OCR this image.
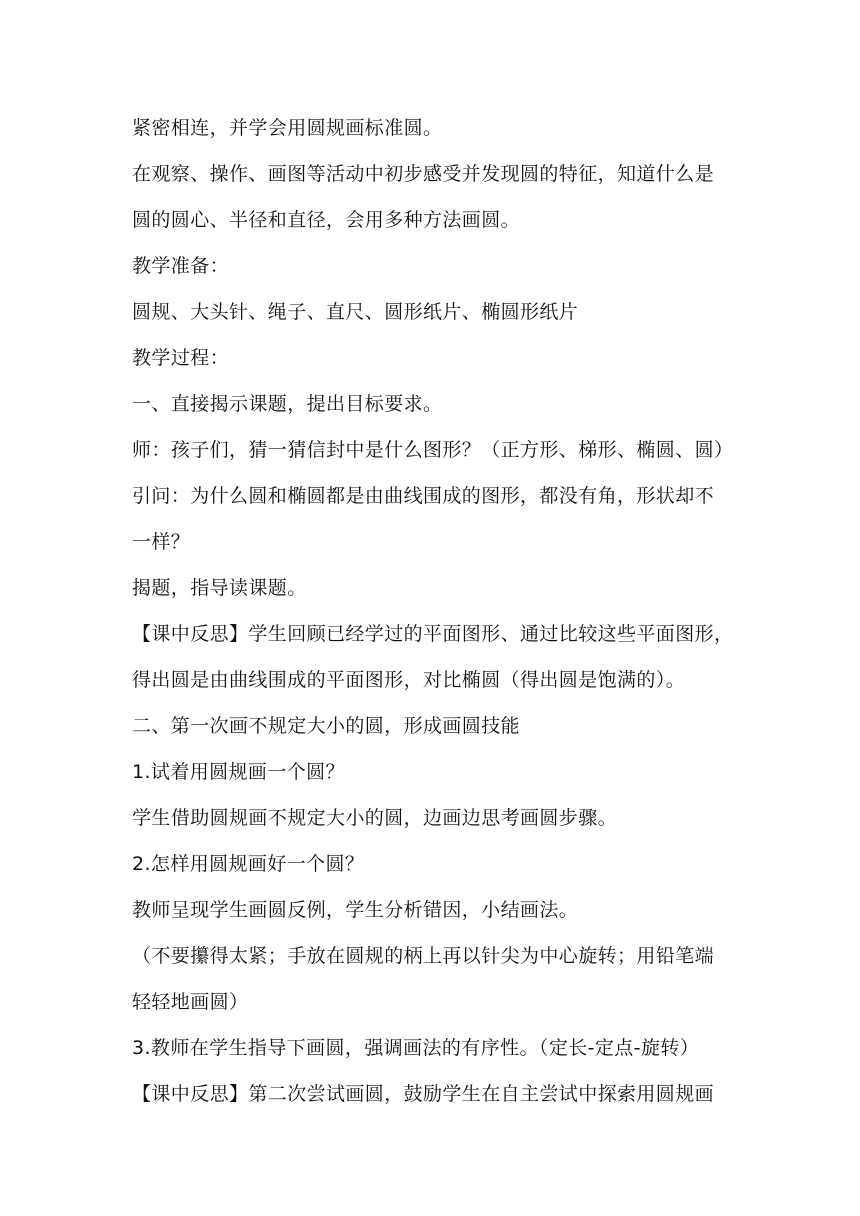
紧密相连，并学会用圆规画标准圆。
在观察、操作、画图等活动中初步感受并发现圆的特征，知道什么是
圆的圆心、半径和直径，会用多种方法画圆。
教学准备：
圆规、大头针、绳子、直尺、圆形纸片、椭圆形纸片
教学过程：
一、直接揭示课题，提出目标要求。
师：孩子们，猜一猜信封中是什么图形？（正方形、梯形、椭圆、圆）
引问：为什么圆和椭圆都是由曲线围成的图形，都没有角，形状却不
一样？
揭题，指导读课题。
【课中反思】学生回顾已经学过的平面图形、通过比较这些平面图形，
得出圆是由曲线围成的平面图形，对比椭圆（得出圆是饱满的）。
二、第一次画不规定大小的圆，形成画圆技能
1.试着用圆规画一个圆？
学生借助圆规画不规定大小的圆，边画边思考画圆步骤。
2.怎样用圆规画好一个圆？
教师呈现学生画圆反例，学生分析错因，小结画法。
（不要攥得太紧；手放在圆规的柄上再以针尖为中心旋转；用铅笔端
轻轻地画圆）
3.教师在学生指导下画圆，强调画法的有序性。（定长-定点-旋转）
【课中反思】第二次尝试画圆，鼓励学生在自主尝试中探索用圆规画
